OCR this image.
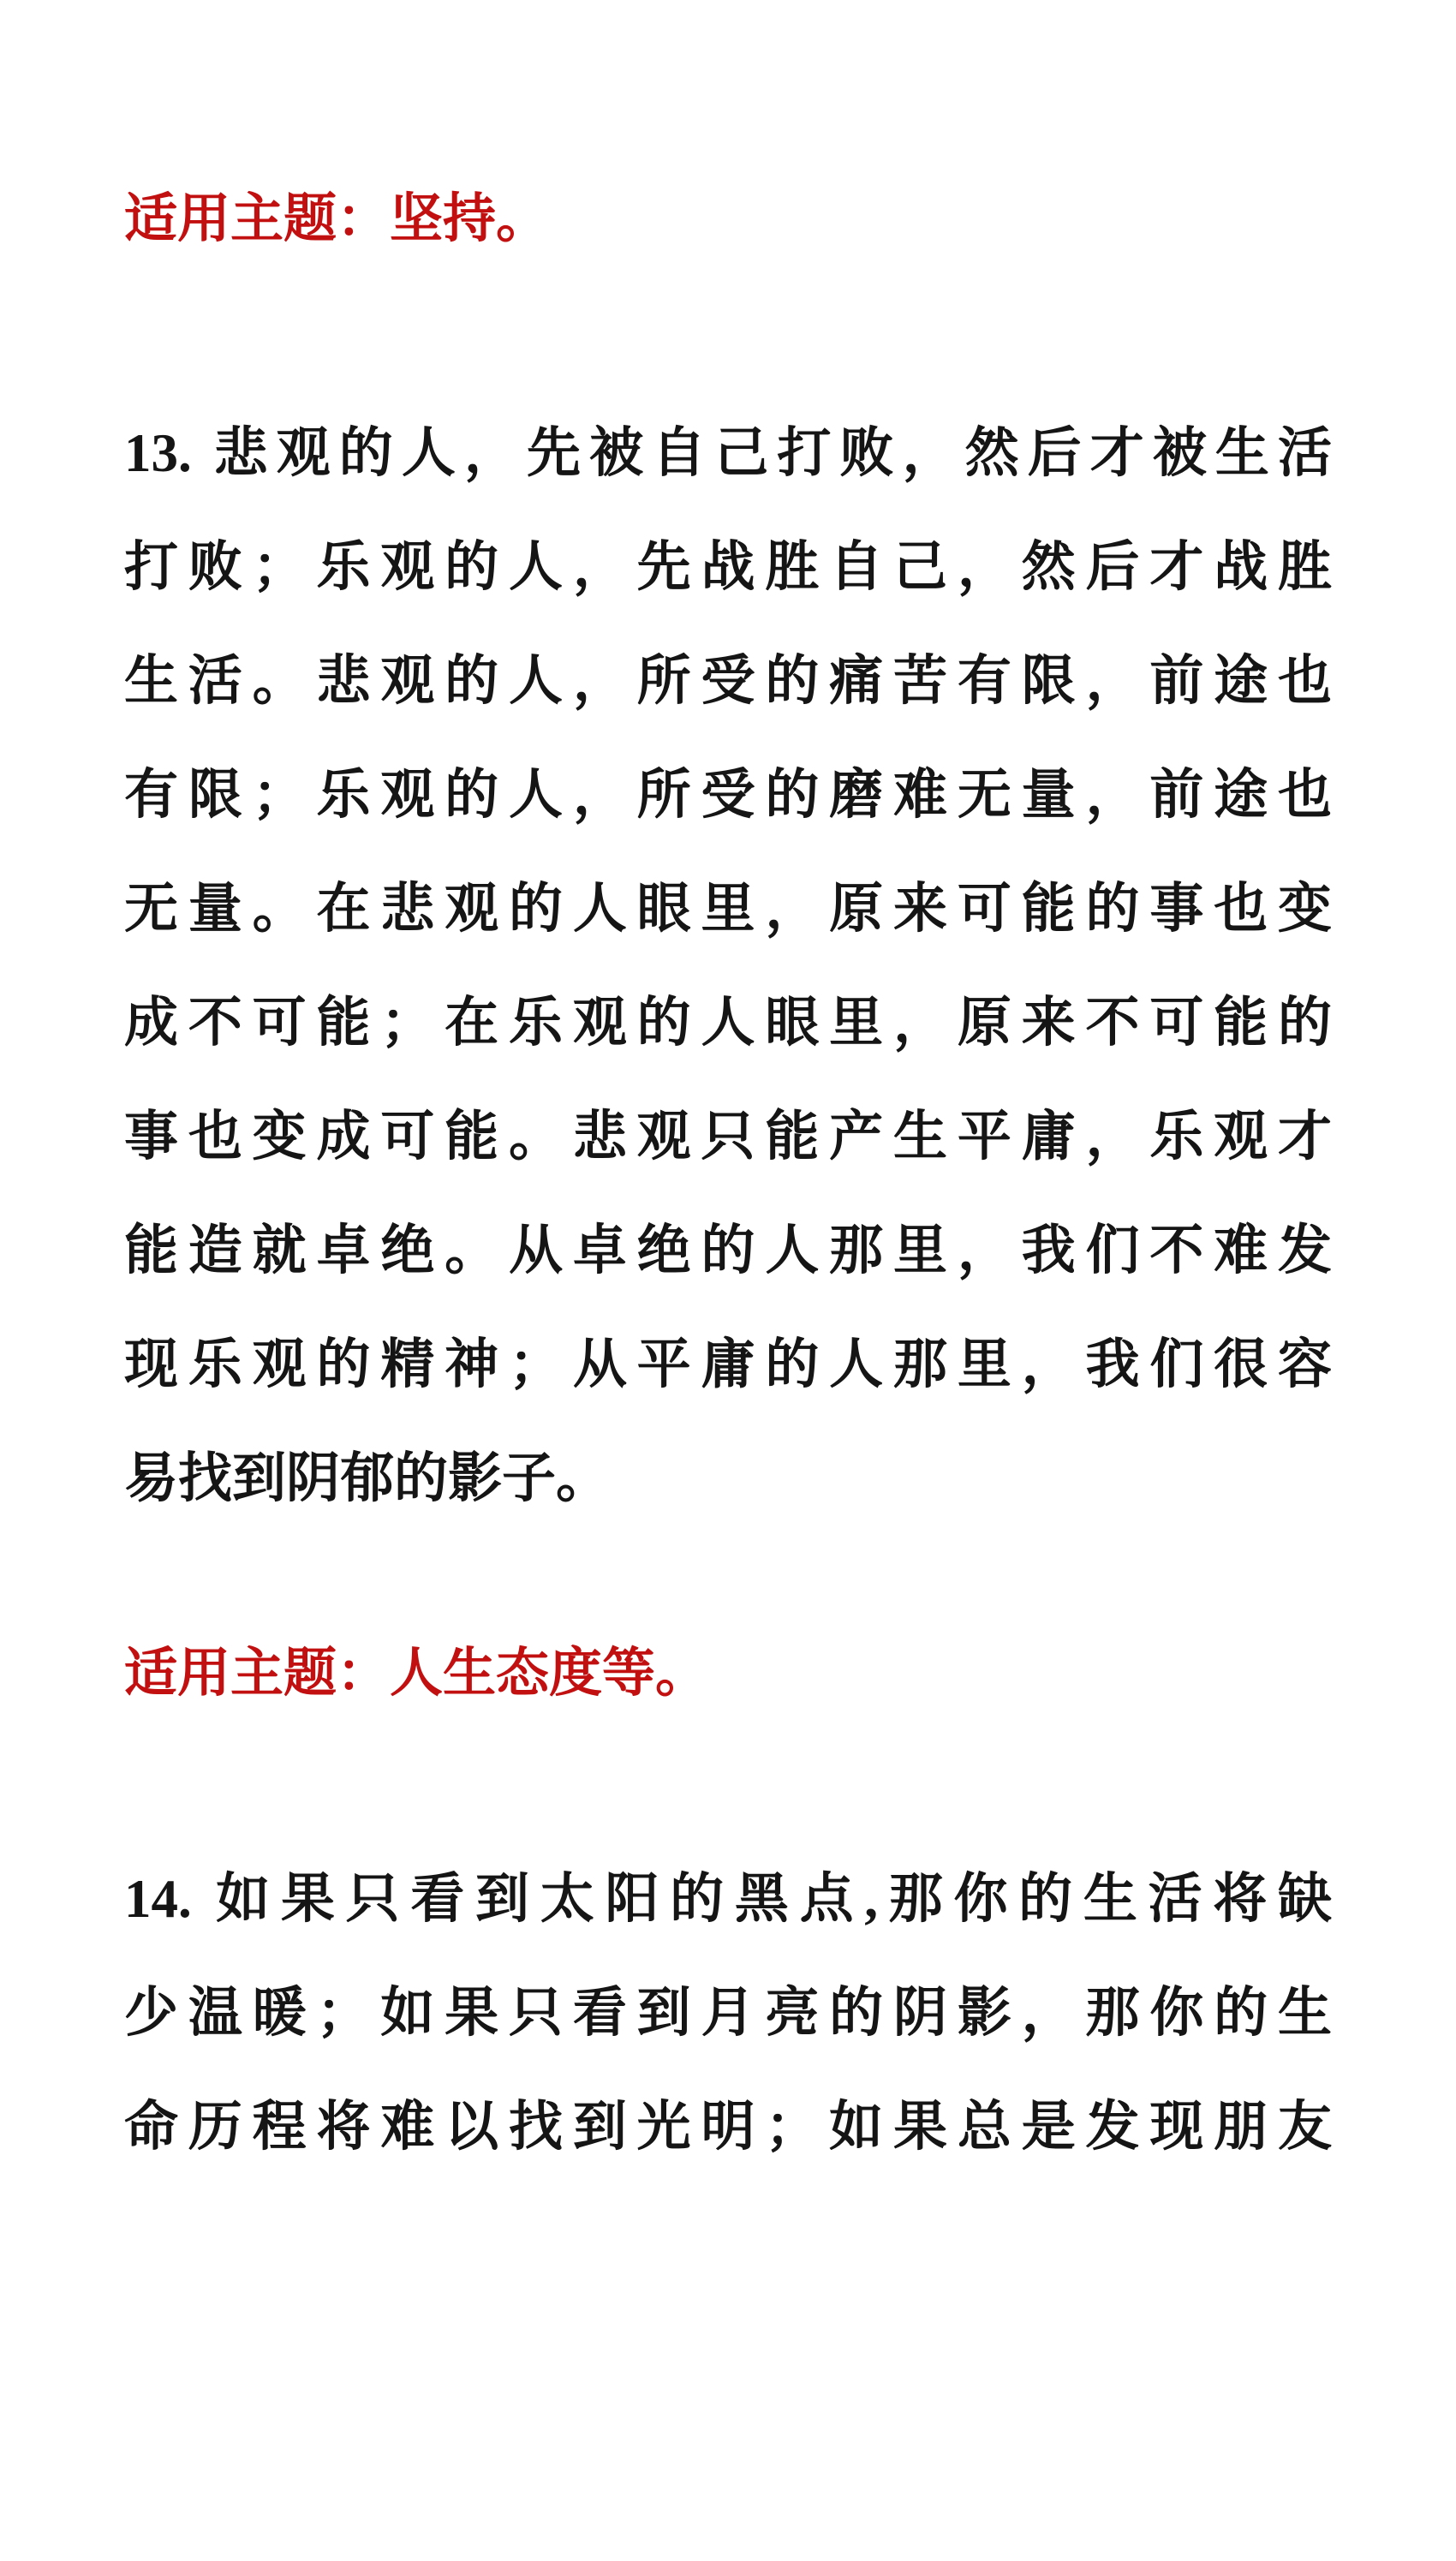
适用主题：坚持。
13. 悲观的人，先被自己打败，然后才被生活
打败；乐观的人，先战胜自己，然后才战胜
生活。悲观的人，所受的痛苦有限，前途也
有限；乐观的人，所受的磨难无量，前途也
无量。在悲观的人眼里，原来可能的事也变
成不可能；在乐观的人眼里，原来不可能的
事也变成可能。悲观只能产生平庸，乐观才
能造就卓绝。从卓绝的人那里，我们不难发
现乐观的精神；从平庸的人那里，我们很容
易找到阴郁的影子。
适用主题：人生态度等。
14. 如果只看到太阳的黑点,那你的生活将缺
少温暖；如果只看到月亮的阴影，那你的生
命历程将难以找到光明；如果总是发现朋友
